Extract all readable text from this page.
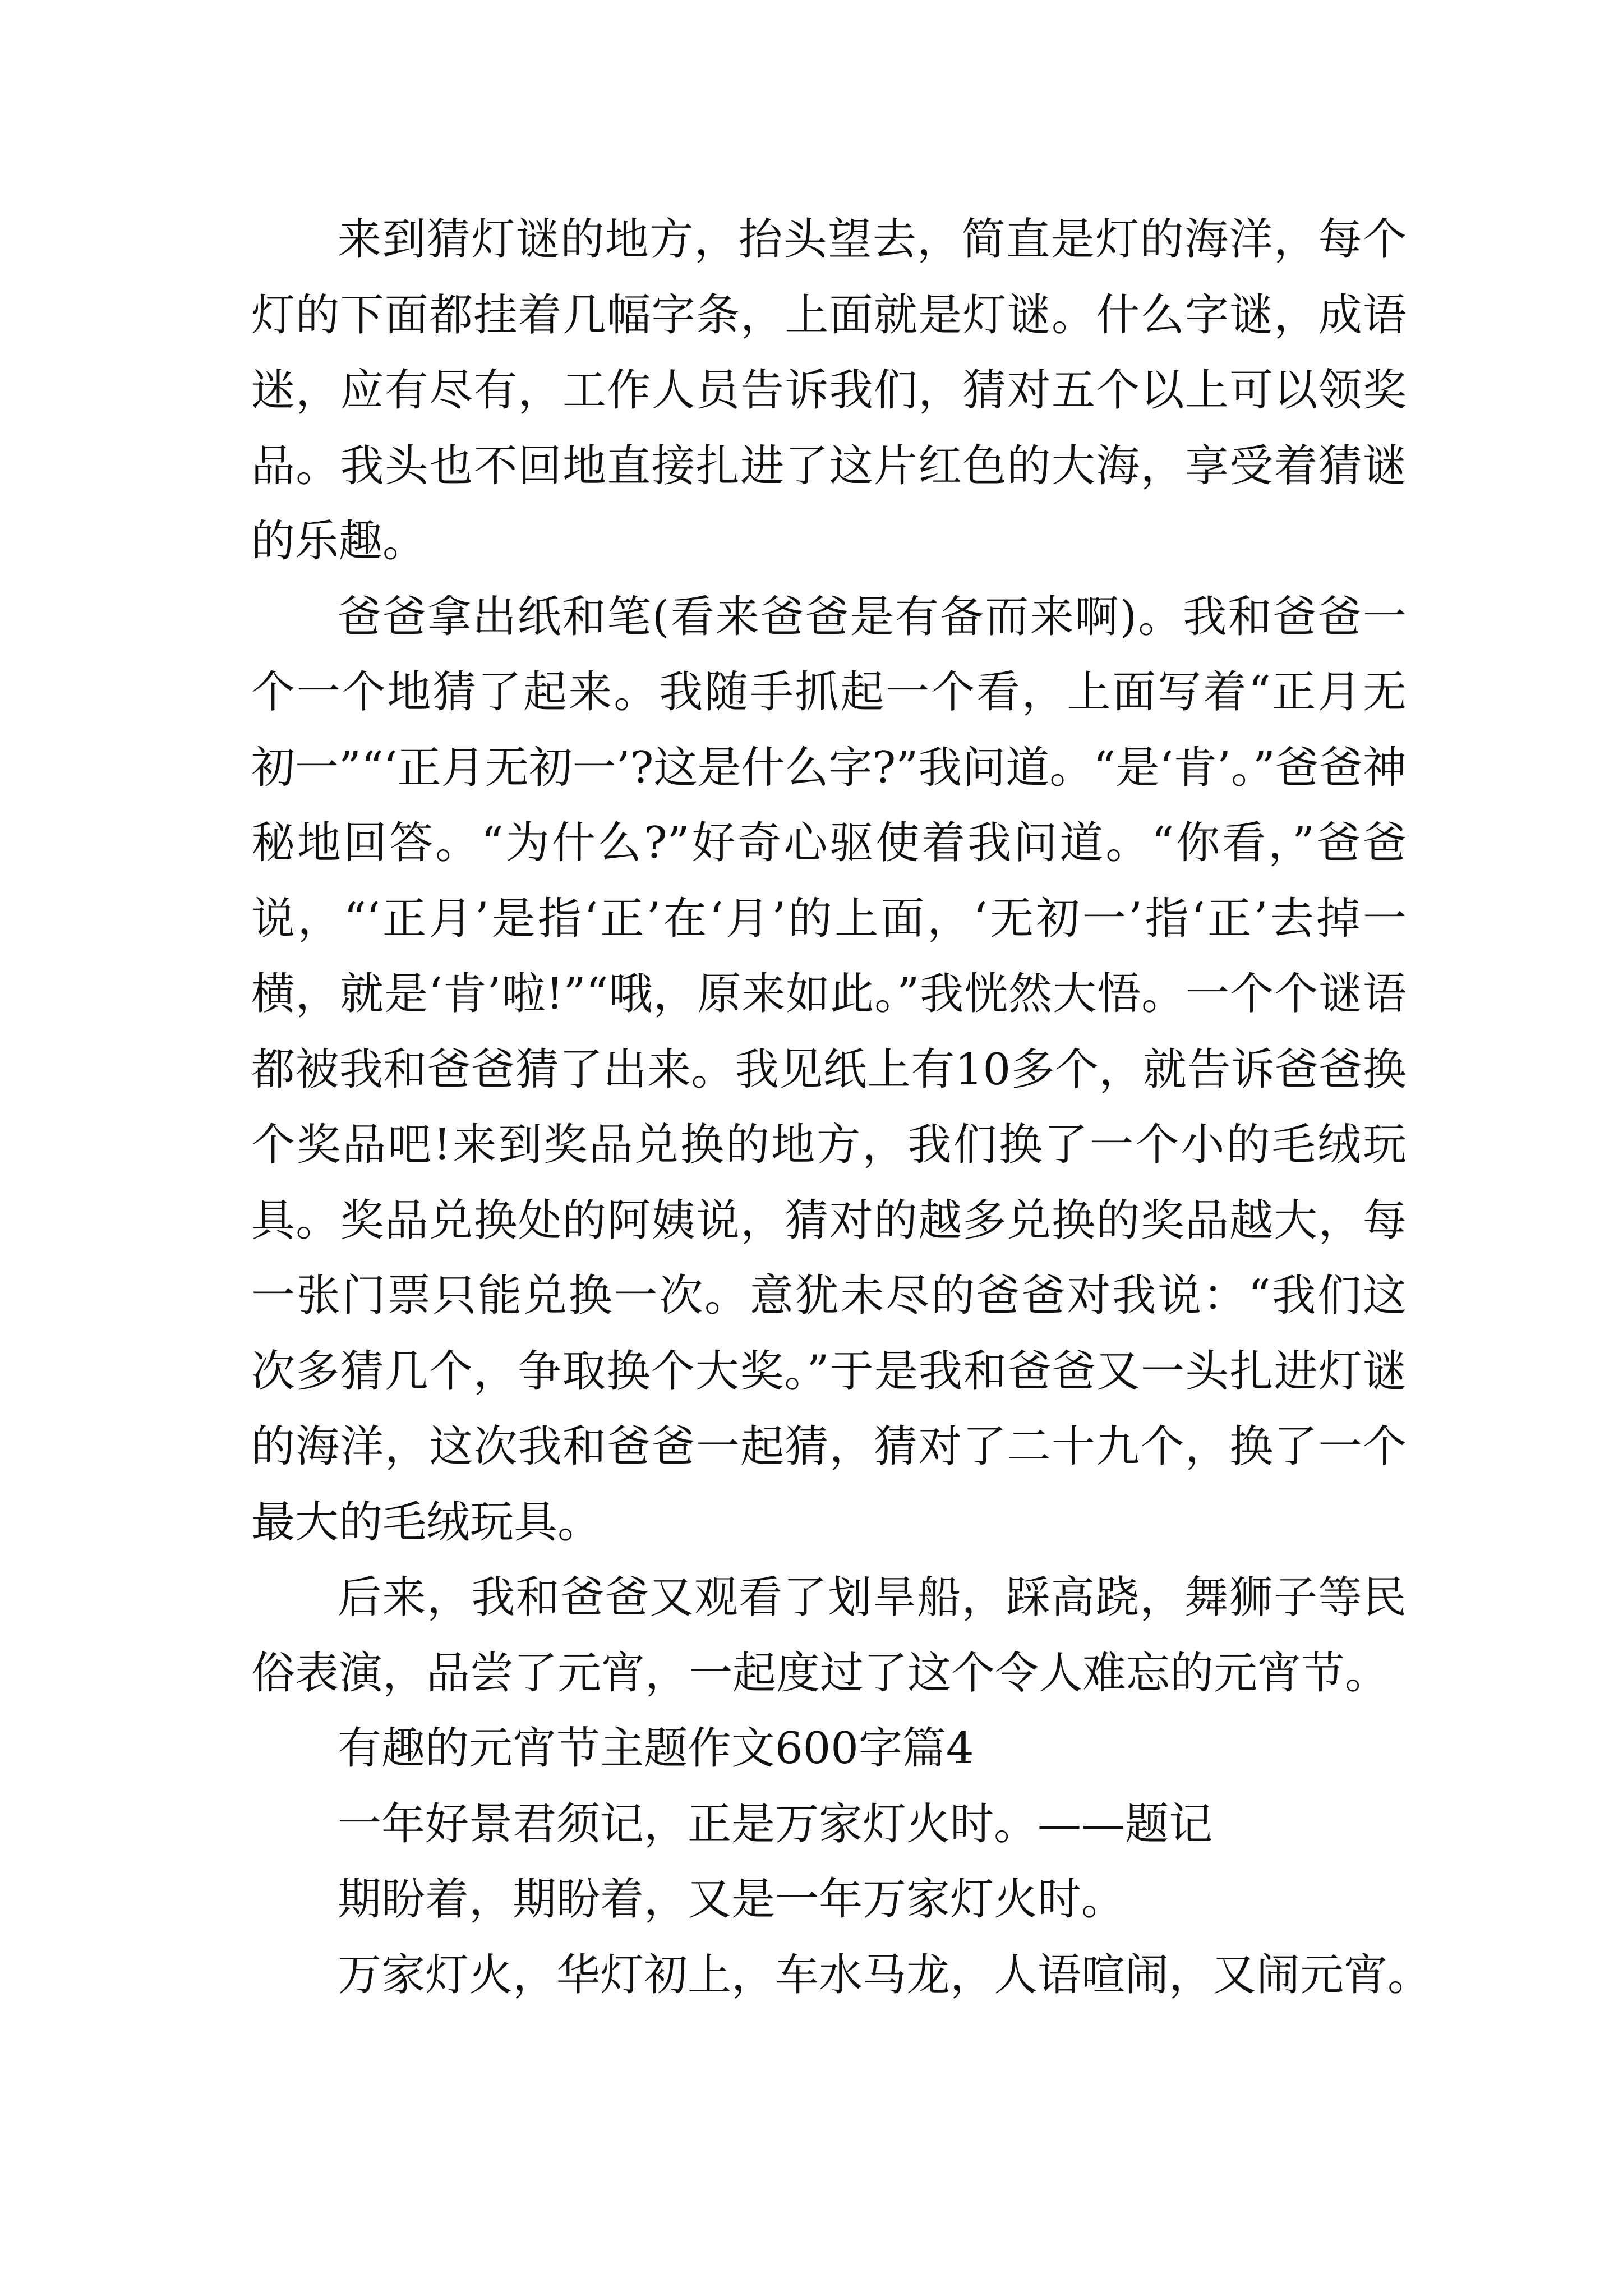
来到猜灯谜的地方，抬头望去，简直是灯的海洋，每个灯的下面都挂着几幅字条，上面就是灯谜。什么字谜，成语迷，应有尽有，工作人员告诉我们，猜对五个以上可以领奖品。我头也不回地直接扎进了这片红色的大海，享受着猜谜的乐趣。

爸爸拿出纸和笔(看来爸爸是有备而来啊)。我和爸爸一个一个地猜了起来。我随手抓起一个看，上面写着“正月无初一”“‘正月无初一’?这是什么字?”我问道。“是‘肯’。”爸爸神秘地回答。“为什么?”好奇心驱使着我问道。“你看，”爸爸说，“‘正月’是指‘正’在‘月’的上面，‘无初一’指‘正’去掉一横，就是‘肯’啦!”“哦，原来如此。”我恍然大悟。一个个谜语都被我和爸爸猜了出来。我见纸上有10多个，就告诉爸爸换个奖品吧!来到奖品兑换的地方，我们换了一个小的毛绒玩具。奖品兑换处的阿姨说，猜对的越多兑换的奖品越大，每一张门票只能兑换一次。意犹未尽的爸爸对我说：“我们这次多猜几个，争取换个大奖。”于是我和爸爸又一头扎进灯谜的海洋，这次我和爸爸一起猜，猜对了二十九个，换了一个最大的毛绒玩具。

后来，我和爸爸又观看了划旱船，踩高跷，舞狮子等民俗表演，品尝了元宵，一起度过了这个令人难忘的元宵节。

有趣的元宵节主题作文600字篇4

一年好景君须记，正是万家灯火时。——题记

期盼着，期盼着，又是一年万家灯火时。

万家灯火，华灯初上，车水马龙，人语喧闹，又闹元宵。
